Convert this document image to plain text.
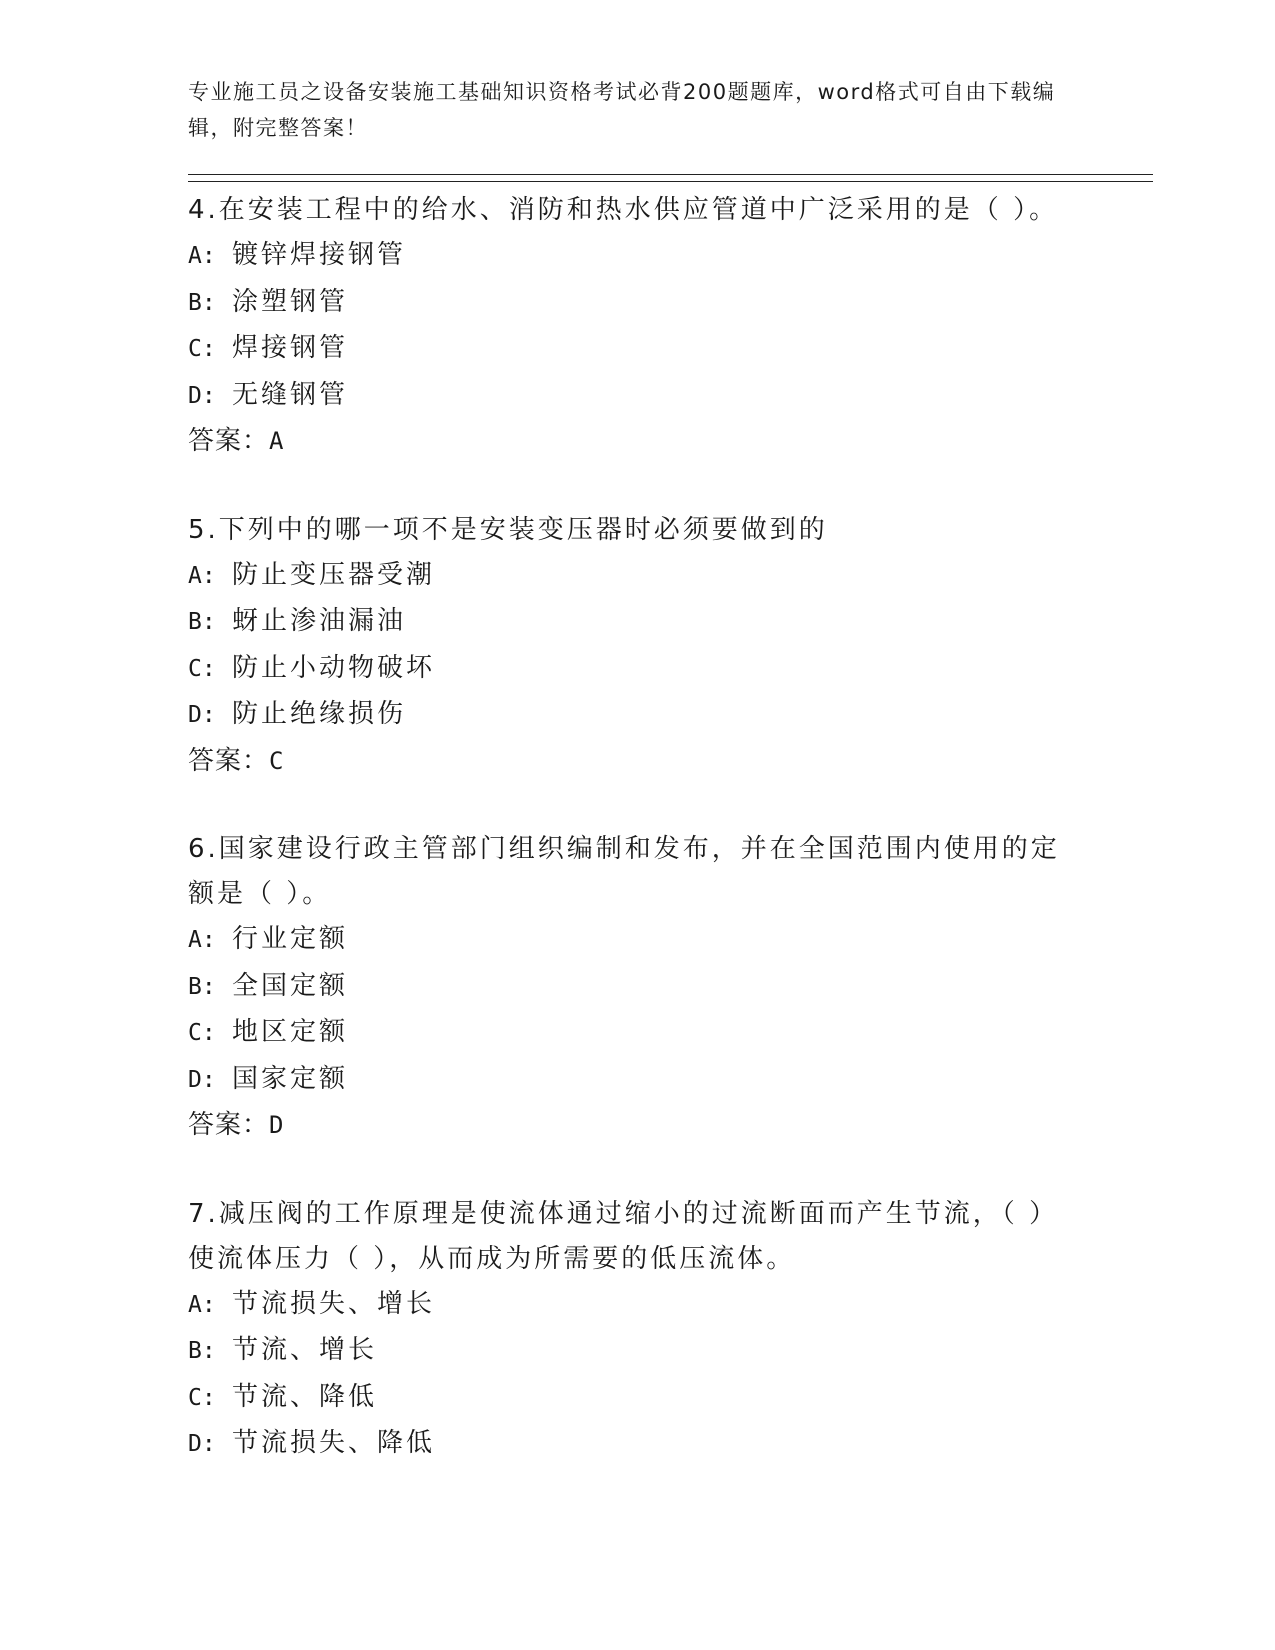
专业施工员之设备安装施工基础知识资格考试必背200题题库，word格式可自由下载编辑，附完整答案！
4.在安装工程中的给水、消防和热水供应管道中广泛采用的是（ ）。
A: 镀锌焊接钢管
B: 涂塑钢管
C: 焊接钢管
D: 无缝钢管
答案：A
5.下列中的哪一项不是安装变压器时必须要做到的
A: 防止变压器受潮
B: 蚜止渗油漏油
C: 防止小动物破坏
D: 防止绝缘损伤
答案：C
6.国家建设行政主管部门组织编制和发布，并在全国范围内使用的定额是（ ）。
A: 行业定额
B: 全国定额
C: 地区定额
D: 国家定额
答案：D
7.减压阀的工作原理是使流体通过缩小的过流断面而产生节流，（ ）使流体压力（ ），从而成为所需要的低压流体。
A: 节流损失、增长
B: 节流、增长
C: 节流、降低
D: 节流损失、降低
